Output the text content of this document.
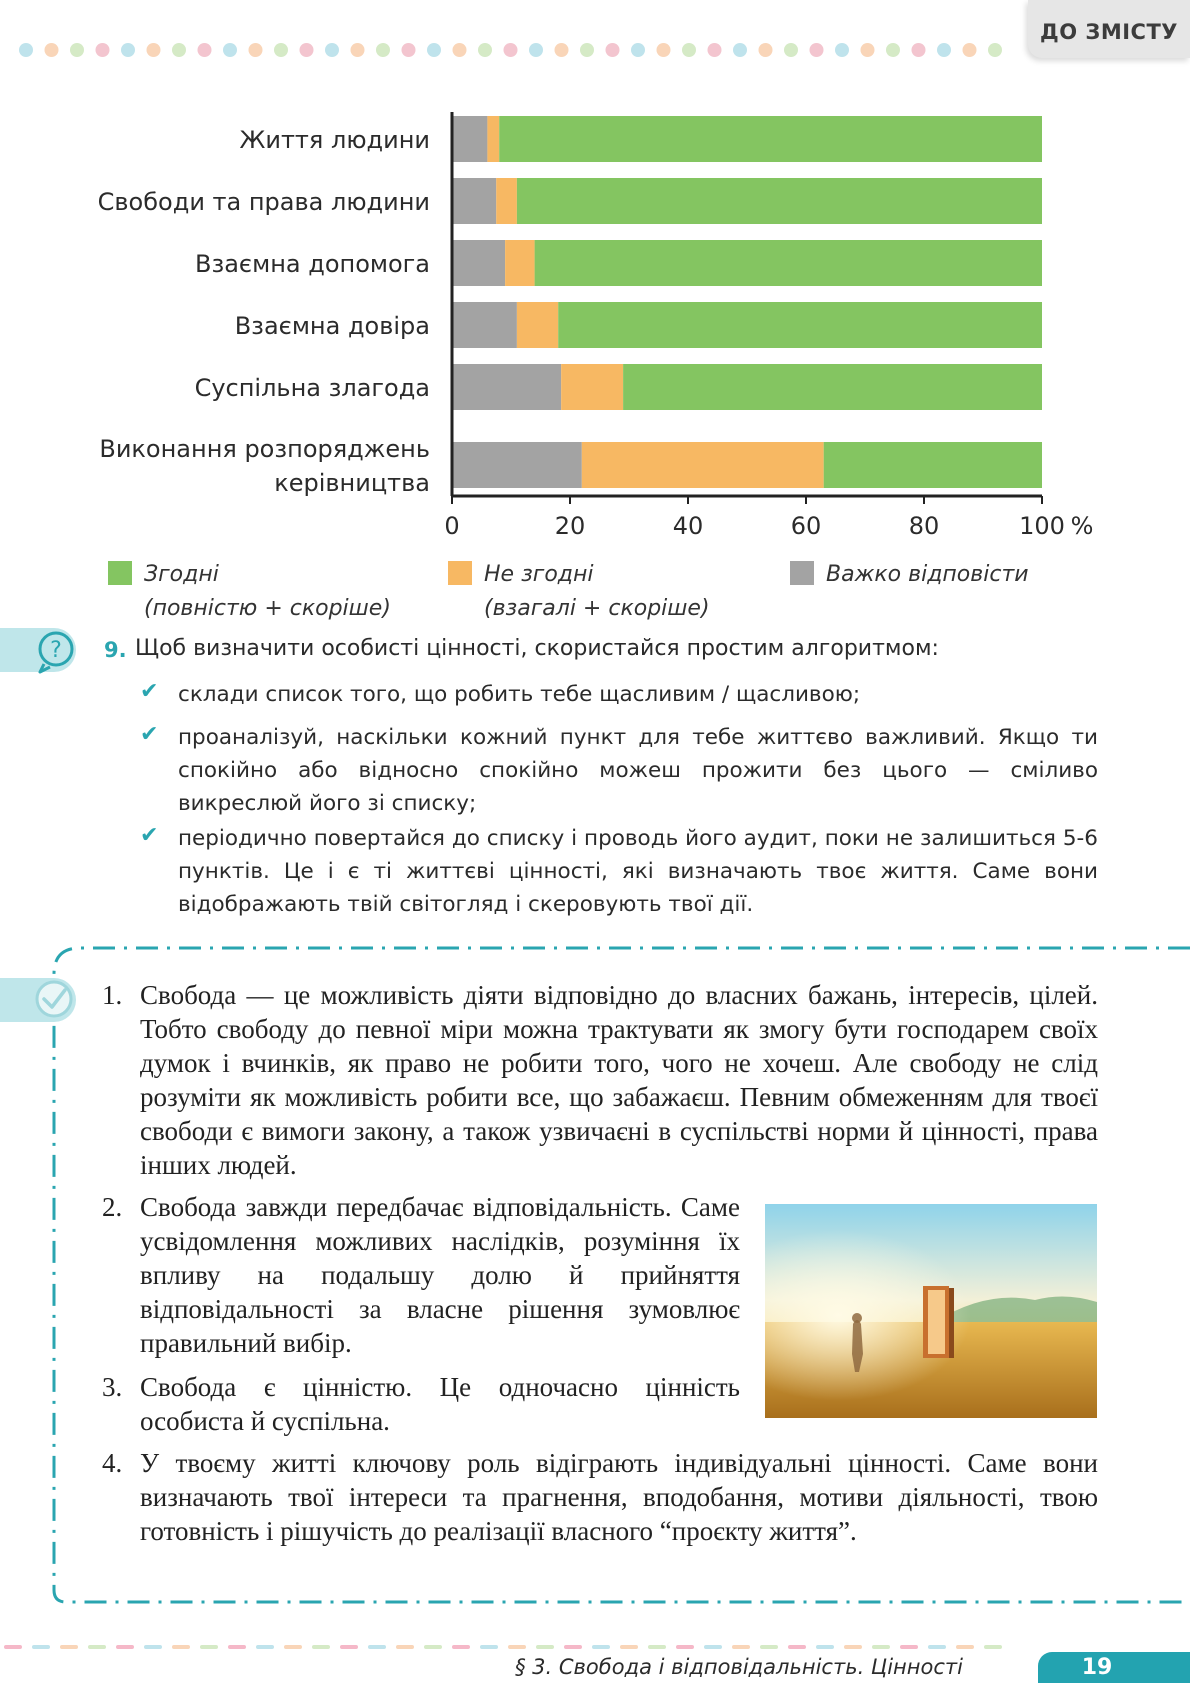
ДО ЗМІСТУ
Життя людини
Свободи та права людини
Взаємна допомога
Взаємна довіра
Суспільна злагода
Виконання розпоряджень
керівництва
0	20	40	60	80	100 %
Згодні
(повністю + скоріше)
Не згодні
(взагалі + скоріше)
Важко відповісти
? 9. Щоб визначити особисті цінності, скористайся простим алгоритмом:
✔ склади список того, що робить тебе щасливим / щасливою;
✔ проаналізуй, наскільки кожний пункт для тебе життєво важливий. Якщо ти спокійно або відносно спокійно можеш прожити без цього — сміливо викреслюй його зі списку;
✔ періодично повертайся до списку і проводь його аудит, поки не залишиться 5-6 пунктів. Це і є ті життєві цінності, які визначають твоє життя. Саме вони відображають твій світогляд і скеровують твої дії.
1. Свобода — це можливість діяти відповідно до власних бажань, інтересів, цілей. Тобто свободу до певної міри можна трактувати як змогу бути господарем своїх думок і вчинків, як право не робити того, чого не хочеш. Але свободу не слід розуміти як можливість робити все, що забажаєш. Певним обмеженням для твоєї свободи є вимоги закону, а також узвичаєні в суспільстві норми й цінності, права інших людей.
2. Свобода завжди передбачає відповідальність. Саме усвідомлення можливих наслідків, розуміння їх впливу на подальшу долю й прийняття відповідальності за власне рішення зумовлює правильний вибір.
3. Свобода є цінністю. Це одночасно цінність особиста й суспільна.
4. У твоєму житті ключову роль відіграють індивідуальні цінності. Саме вони визначають твої інтереси та прагнення, вподобання, мотиви діяльності, твою готовність і рішучість до реалізації власного “проєкту життя”.
§ 3. Свобода і відповідальність. Цінності	19
